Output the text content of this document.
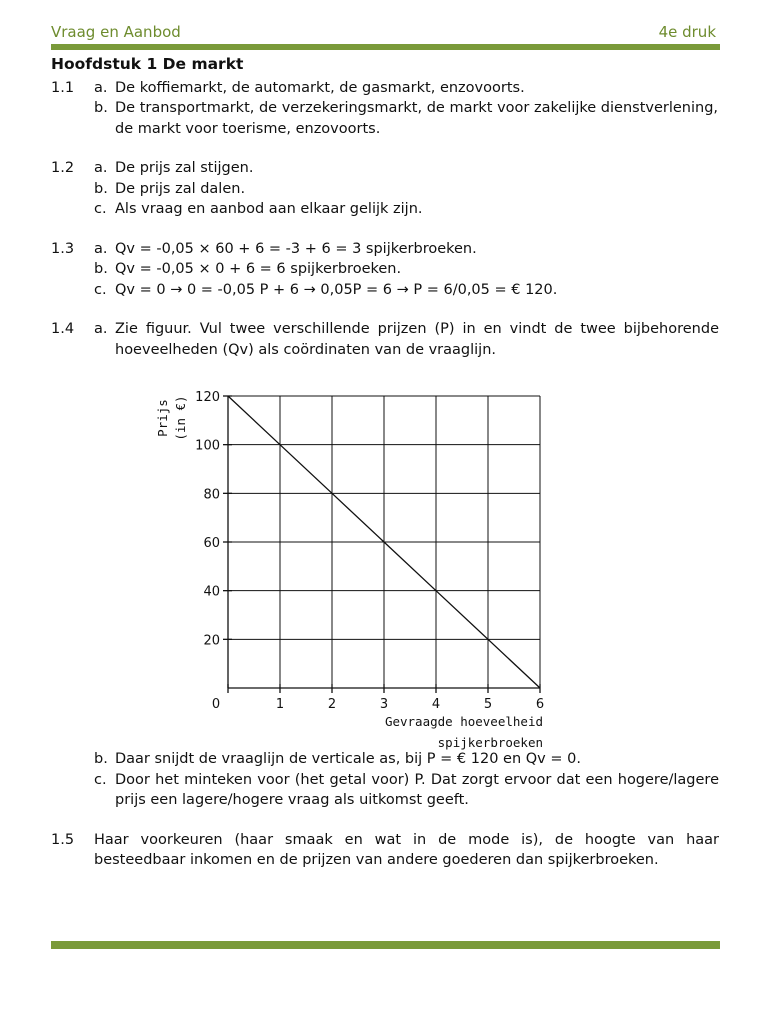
Vraag en Aanbod	4e druk
Hoofdstuk 1 De markt
1.1	a. De koffiemarkt, de automarkt, de gasmarkt, enzovoorts.
b. De transportmarkt, de verzekeringsmarkt, de markt voor zakelijke dienstverlening, de markt voor toerisme, enzovoorts.
1.2	a. De prijs zal stijgen.
b. De prijs zal dalen.
c. Als vraag en aanbod aan elkaar gelijk zijn.
1.3	a. Qv = -0,05 × 60 + 6 = -3 + 6 = 3 spijkerbroeken.
b. Qv = -0,05 × 0 + 6 = 6 spijkerbroeken.
c. Qv = 0 → 0 = -0,05 P + 6 → 0,05P = 6 → P = 6/0,05 = € 120.
1.4	a. Zie figuur. Vul twee verschillende prijzen (P) in en vindt de twee bijbehorende hoeveelheden (Qv) als coördinaten van de vraaglijn.
b. Daar snijdt de vraaglijn de verticale as, bij P = € 120 en Qv = 0.
c. Door het minteken voor (het getal voor) P. Dat zorgt ervoor dat een hogere/lagere prijs een lagere/hogere vraag als uitkomst geeft.
1.5	Haar voorkeuren (haar smaak en wat in de mode is), de hoogte van haar besteedbaar inkomen en de prijzen van andere goederen dan spijkerbroeken.
0	1	2	3	4	5	6
20
40
60
80
100
120
Prijs (in €)
Gevraagde hoeveelheid
spijkerbroeken
